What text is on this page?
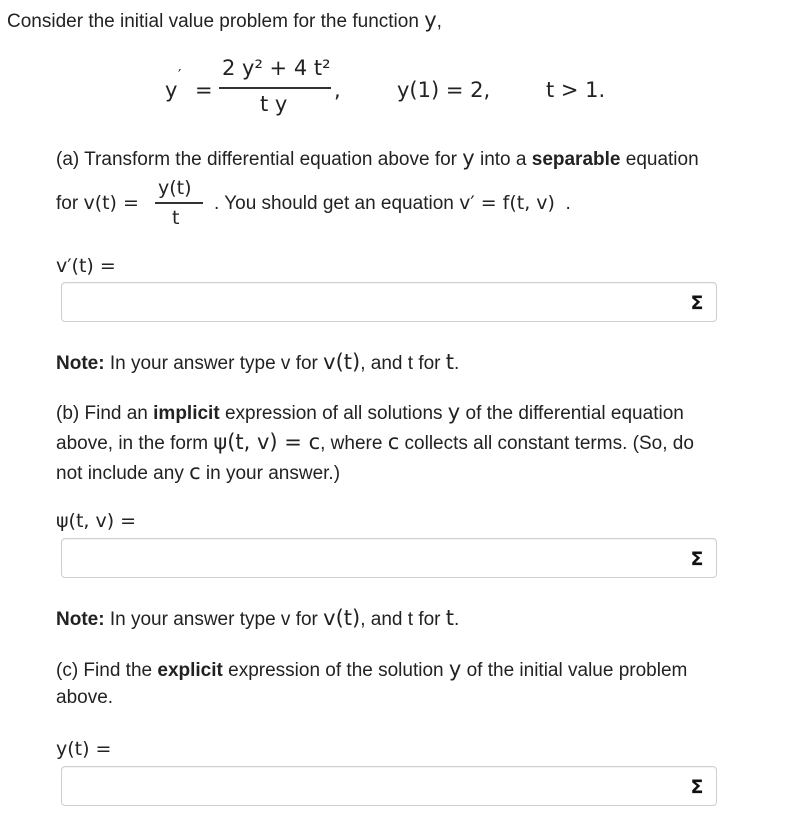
Consider the initial value problem for the function y,
y
′
=
2 y² + 4 t²
t y
,	y(1) = 2,	t > 1.
(a) Transform the differential equation above for y into a separable equation
for v(t) =
y(t)
t
. You should get an equation v′ = f(t, v) .
v′(t) =
Σ
Note: In your answer type v for v(t), and t for t.
(b) Find an implicit expression of all solutions y of the differential equation
above, in the form ψ(t, v) = c, where c collects all constant terms. (So, do
not include any c in your answer.)
ψ(t, v) =
Σ
Note: In your answer type v for v(t), and t for t.
(c) Find the explicit expression of the solution y of the initial value problem
above.
y(t) =
Σ
